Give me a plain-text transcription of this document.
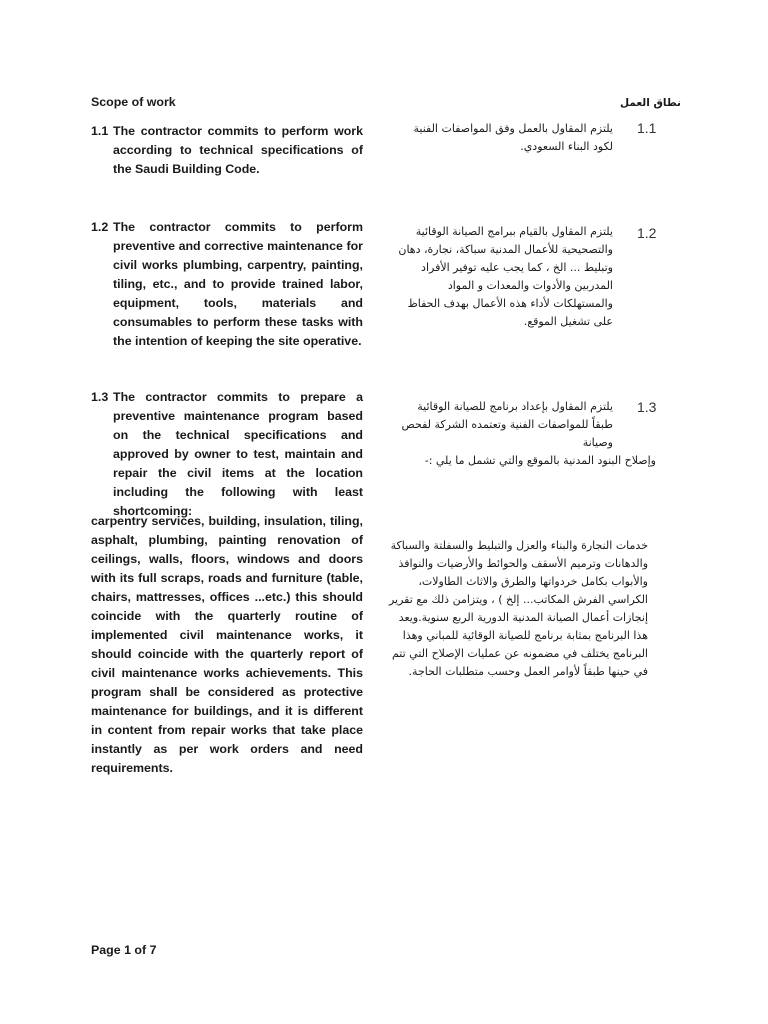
Scope of work	نطاق العمل
1.1 The contractor commits to perform work according to technical specifications of the Saudi Building Code.
1.1
يلتزم المقاول بالعمل وفق المواصفات الفنية لكود البناء السعودي.
1.2 The contractor commits to perform preventive and corrective maintenance for civil works plumbing, carpentry, painting, tiling, etc., and to provide trained labor, equipment, tools, materials and consumables to perform these tasks with the intention of keeping the site operative.
1.2
يلتزم المقاول بالقيام ببرامج الصيانة الوقائية والتصحيحية للأعمال المدنية سباكة، نجارة، دهان وتبليط ... الخ ، كما يجب عليه توفير الأفراد المدربين والأدوات والمعدات و المواد والمستهلكات لأداء هذه الأعمال بهدف الحفاظ على تشغيل الموقع.
1.3 The contractor commits to prepare a preventive maintenance program based on the technical specifications and approved by owner to test, maintain and repair the civil items at the location including the following with least shortcoming:
1.3
يلتزم المقاول بإعداد برنامج للصيانة الوقائية طبقاً للمواصفات الفنية وتعتمده الشركة لفحص وصيانة
وإصلاح البنود المدنية بالموقع والتي تشمل ما يلي :-
carpentry services, building, insulation, tiling, asphalt, plumbing, painting renovation of ceilings, walls, floors, windows and doors with its full scraps, roads and furniture (table, chairs, mattresses, offices ...etc.) this should coincide with the quarterly routine of implemented civil maintenance works, it should coincide with the quarterly report of civil maintenance works achievements. This program shall be considered as protective maintenance for buildings, and it is different in content from repair works that take place instantly as per work orders and need requirements.
خدمات النجارة والبناء والعزل والتبليط والسفلتة والسباكة والدهانات وترميم الأسقف والحوائط والأرضيات والنوافذ والأبواب بكامل خردواتها والطرق والاثاث الطاولات، الكراسي الفرش المكاتب... إلخ ) ، ويتزامن ذلك مع تقرير إنجازات أعمال الصيانة المدنية الدورية الربع سنوية.ويعد هذا البرنامج بمثابة برنامج للصيانة الوقائية للمباني وهذا البرنامج يختلف في مضمونه عن عمليات الإصلاح التي تتم في حينها طبقاً لأوامر العمل وحسب متطلبات الحاجة.
Page 1 of 7
